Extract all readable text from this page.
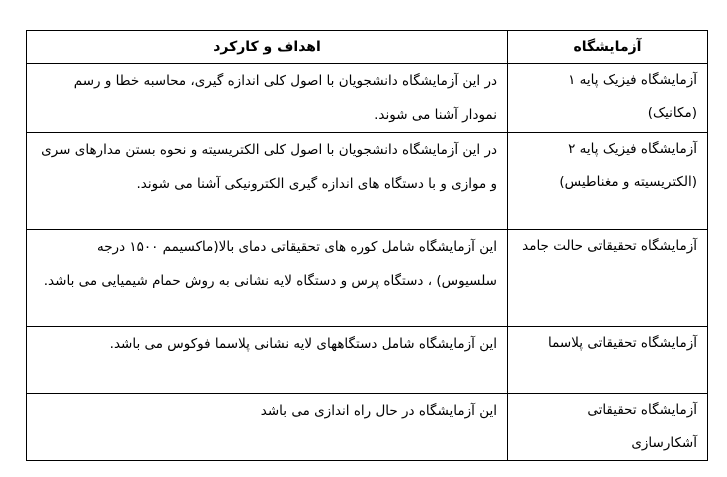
آزمایشگاه	اهداف و کارکرد
آزمایشگاه فیزیک پایه ۱ (مکانیک)	در این آزمایشگاه دانشجویان با اصول کلی اندازه گیری، محاسبه خطا و رسم نمودار آشنا می شوند.
آزمایشگاه فیزیک پایه ۲ (الکتریسیته و مغناطیس)	در این آزمایشگاه دانشجویان با اصول کلی الکتریسیته و نحوه بستن مدارهای سری و موازی و با دستگاه های اندازه گیری الکترونیکی آشنا می شوند.
آزمایشگاه تحقیقاتی حالت جامد	این آزمایشگاه شامل کوره های تحقیقاتی دمای بالا(ماکسیمم ۱۵۰۰ درجه سلسیوس) ، دستگاه پرس و دستگاه لایه نشانی به روش حمام شیمیایی می باشد.
آزمایشگاه تحقیقاتی پلاسما	این آزمایشگاه شامل دستگاههای لایه نشانی پلاسما فوکوس می باشد.
آزمایشگاه تحقیقاتی آشکارسازی	این آزمایشگاه در حال راه اندازی می باشد
